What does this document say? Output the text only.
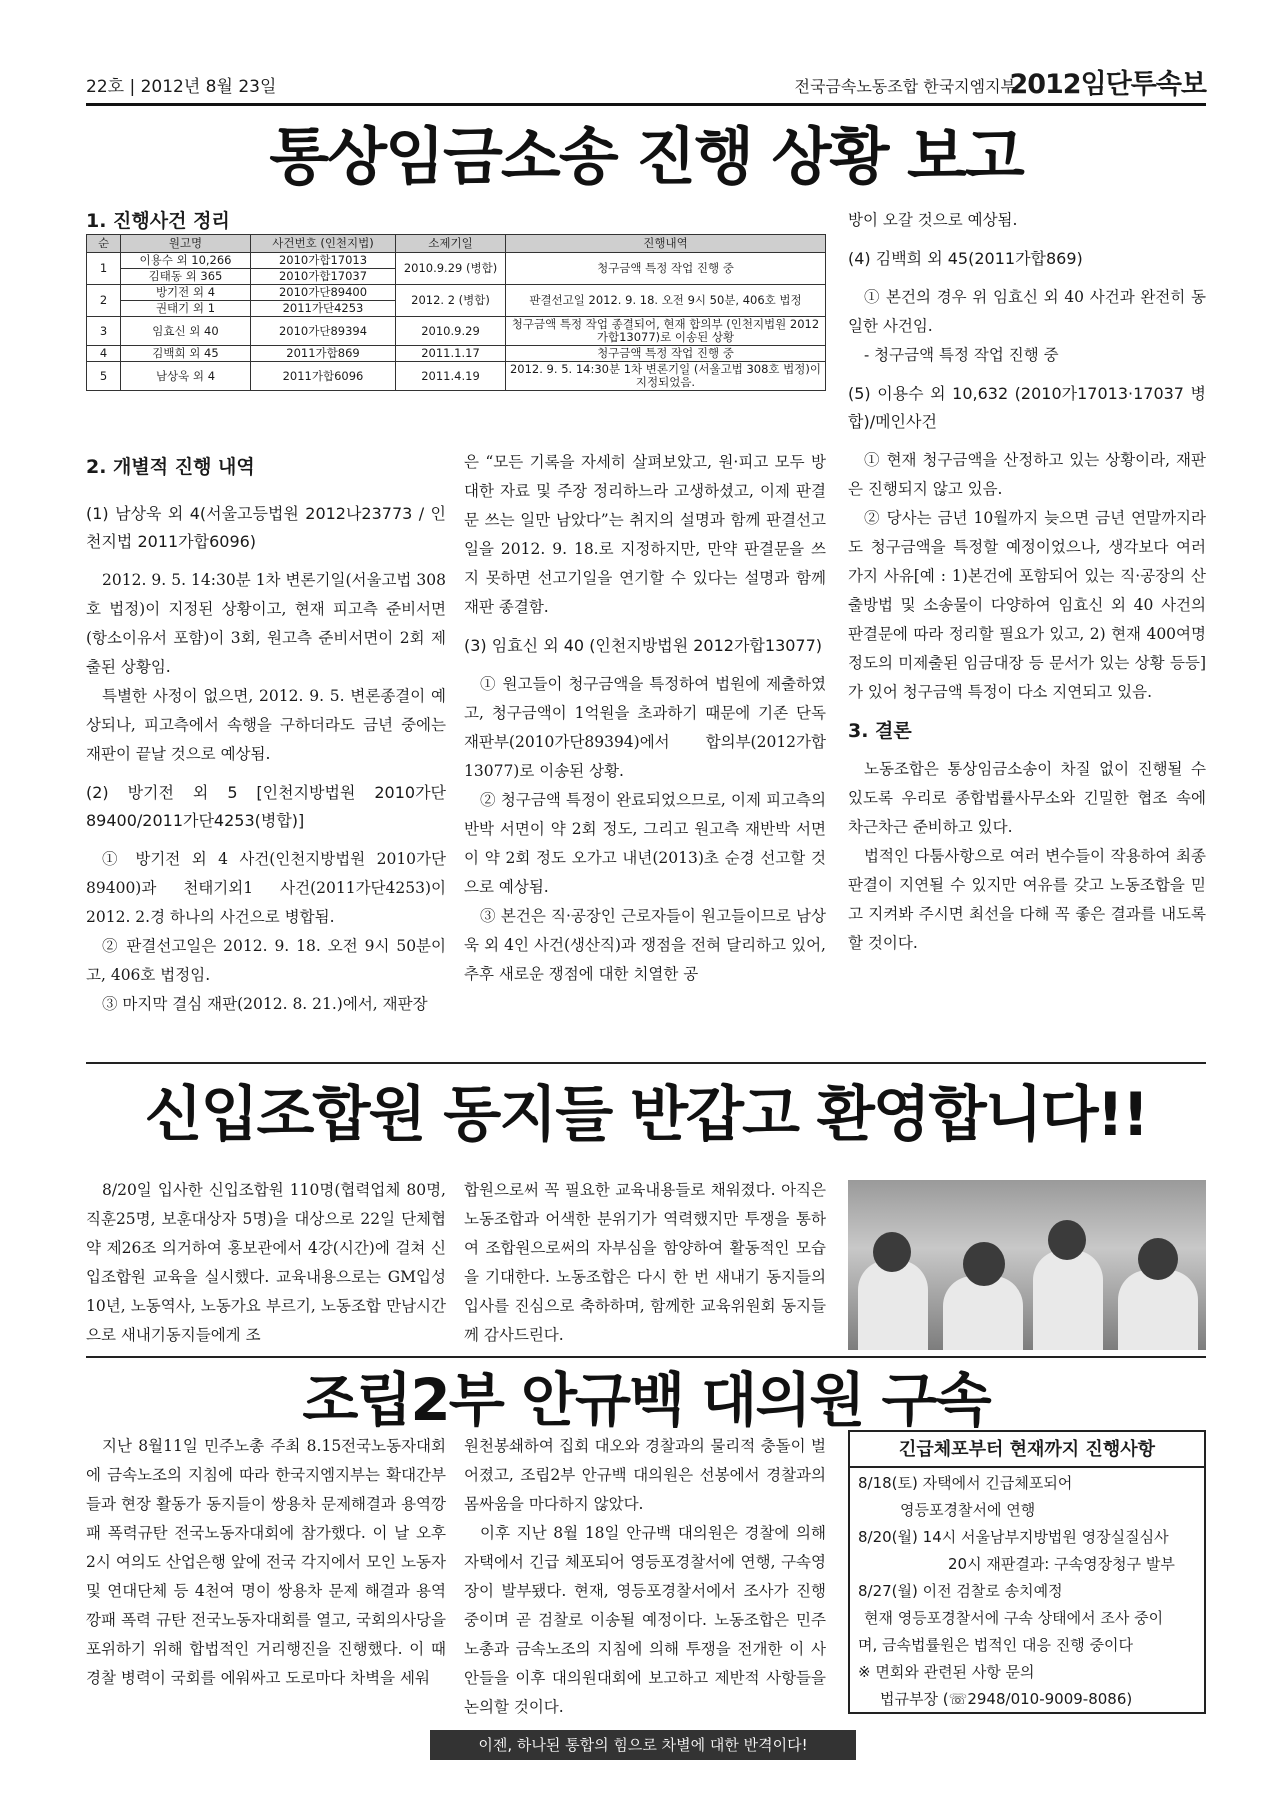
22호 | 2012년 8월 23일	전국금속노동조합 한국지엠지부
2012임단투속보
통상임금소송 진행 상황 보고
1. 진행사건 정리
순	원고명	사건번호 (인천지법)	소제기일	진행내역
1	이용수 외 10,266	2010가합17013	2010.9.29 (병합)	청구금액 특정 작업 진행 중
	김태동 외 365	2010가합17037		
2	방기전 외 4	2010가단89400	2012. 2 (병합)	판결선고일 2012. 9. 18. 오전 9시 50분, 406호 법정
	권태기 외 1	2011가단4253		
3	임효신 외 40	2010가단89394	2010.9.29	청구금액 특정 작업 종결되어, 현재 합의부 (인천지법원 2012가합13077)로 이송된 상황
4	김백희 외 45	2011가합869	2011.1.17	청구금액 특정 작업 진행 중
5	남상욱 외 4	2011가합6096	2011.4.19	2012. 9. 5. 14:30분 1차 변론기일 (서울고법 308호 법정)이 지정되었음.
2. 개별적 진행 내역

(1) 남상욱 외 4(서울고등법원 2012나23773 / 인천지법 2011가합6096)

2012. 9. 5. 14:30분 1차 변론기일(서울고법 308호 법정)이 지정된 상황이고, 현재 피고측 준비서면(항소이유서 포함)이 3회, 원고측 준비서면이 2회 제출된 상황임.

특별한 사정이 없으면, 2012. 9. 5. 변론종결이 예상되나, 피고측에서 속행을 구하더라도 금년 중에는 재판이 끝날 것으로 예상됨.

(2) 방기전 외 5 [인천지방법원 2010가단89400/2011가단4253(병합)]

① 방기전 외 4 사건(인천지방법원 2010가단89400)과 천태기외1 사건(2011가단4253)이 2012. 2.경 하나의 사건으로 병합됨.

② 판결선고일은 2012. 9. 18. 오전 9시 50분이고, 406호 법정임.

③ 마지막 결심 재판(2012. 8. 21.)에서, 재판장

은 “모든 기록을 자세히 살펴보았고, 원·피고 모두 방대한 자료 및 주장 정리하느라 고생하셨고, 이제 판결문 쓰는 일만 남았다”는 취지의 설명과 함께 판결선고일을 2012. 9. 18.로 지정하지만, 만약 판결문을 쓰지 못하면 선고기일을 연기할 수 있다는 설명과 함께 재판 종결함.

(3) 임효신 외 40 (인천지방법원 2012가합13077)

① 원고들이 청구금액을 특정하여 법원에 제출하였고, 청구금액이 1억원을 초과하기 때문에 기존 단독 재판부(2010가단89394)에서 합의부(2012가합13077)로 이송된 상황.

② 청구금액 특정이 완료되었으므로, 이제 피고측의 반박 서면이 약 2회 정도, 그리고 원고측 재반박 서면이 약 2회 정도 오가고 내년(2013)초 순경 선고할 것으로 예상됨.

③ 본건은 직·공장인 근로자들이 원고들이므로 남상욱 외 4인 사건(생산직)과 쟁점을 전혀 달리하고 있어, 추후 새로운 쟁점에 대한 치열한 공

방이 오갈 것으로 예상됨.

(4) 김백희 외 45(2011가합869)

① 본건의 경우 위 임효신 외 40 사건과 완전히 동일한 사건임.

- 청구금액 특정 작업 진행 중

(5) 이용수 외 10,632 (2010가17013·17037 병합)/메인사건

① 현재 청구금액을 산정하고 있는 상황이라, 재판은 진행되지 않고 있음.

② 당사는 금년 10월까지 늦으면 금년 연말까지라도 청구금액을 특정할 예정이었으나, 생각보다 여러 가지 사유[예 : 1)본건에 포함되어 있는 직·공장의 산출방법 및 소송물이 다양하여 임효신 외 40 사건의 판결문에 따라 정리할 필요가 있고, 2) 현재 400여명 정도의 미제출된 임금대장 등 문서가 있는 상황 등등]가 있어 청구금액 특정이 다소 지연되고 있음.

3. 결론

노동조합은 통상임금소송이 차질 없이 진행될 수 있도록 우리로 종합법률사무소와 긴밀한 협조 속에 차근차근 준비하고 있다.

법적인 다툼사항으로 여러 변수들이 작용하여 최종판결이 지연될 수 있지만 여유를 갖고 노동조합을 믿고 지켜봐 주시면 최선을 다해 꼭 좋은 결과를 내도록 할 것이다.

신입조합원 동지들 반갑고 환영합니다!!

8/20일 입사한 신입조합원 110명(협력업체 80명, 직훈25명, 보훈대상자 5명)을 대상으로 22일 단체협약 제26조 의거하여 홍보관에서 4강(시간)에 걸쳐 신입조합원 교육을 실시했다. 교육내용으로는 GM입성 10년, 노동역사, 노동가요 부르기, 노동조합 만남시간으로 새내기동지들에게 조

합원으로써 꼭 필요한 교육내용들로 채워졌다. 아직은 노동조합과 어색한 분위기가 역력했지만 투쟁을 통하여 조합원으로써의 자부심을 함양하여 활동적인 모습을 기대한다. 노동조합은 다시 한 번 새내기 동지들의 입사를 진심으로 축하하며, 함께한 교육위원회 동지들께 감사드린다.

조립2부 안규백 대의원 구속

지난 8월11일 민주노총 주최 8.15전국노동자대회에 금속노조의 지침에 따라 한국지엠지부는 확대간부들과 현장 활동가 동지들이 쌍용차 문제해결과 용역깡패 폭력규탄 전국노동자대회에 참가했다. 이 날 오후 2시 여의도 산업은행 앞에 전국 각지에서 모인 노동자 및 연대단체 등 4천여 명이 쌍용차 문제 해결과 용역깡패 폭력 규탄 전국노동자대회를 열고, 국회의사당을 포위하기 위해 합법적인 거리행진을 진행했다. 이 때 경찰 병력이 국회를 에워싸고 도로마다 차벽을 세워

원천봉쇄하여 집회 대오와 경찰과의 물리적 충돌이 벌어졌고, 조립2부 안규백 대의원은 선봉에서 경찰과의 몸싸움을 마다하지 않았다.

이후 지난 8월 18일 안규백 대의원은 경찰에 의해 자택에서 긴급 체포되어 영등포경찰서에 연행, 구속영장이 발부됐다. 현재, 영등포경찰서에서 조사가 진행 중이며 곧 검찰로 이송될 예정이다. 노동조합은 민주노총과 금속노조의 지침에 의해 투쟁을 전개한 이 사안들을 이후 대의원대회에 보고하고 제반적 사항들을 논의할 것이다.

긴급체포부터 현재까지 진행사항
8/18(토) 자택에서 긴급체포되어
영등포경찰서에 연행
8/20(월) 14시 서울남부지방법원 영장실질심사
20시 재판결과: 구속영장청구 발부
8/27(월) 이전 검찰로 송치예정
현재 영등포경찰서에 구속 상태에서 조사 중이
며, 금속법률원은 법적인 대응 진행 중이다
※ 면회와 관련된 사항 문의
법규부장 (☏2948/010-9009-8086)
이젠, 하나된 통합의 힘으로 차별에 대한 반격이다!
